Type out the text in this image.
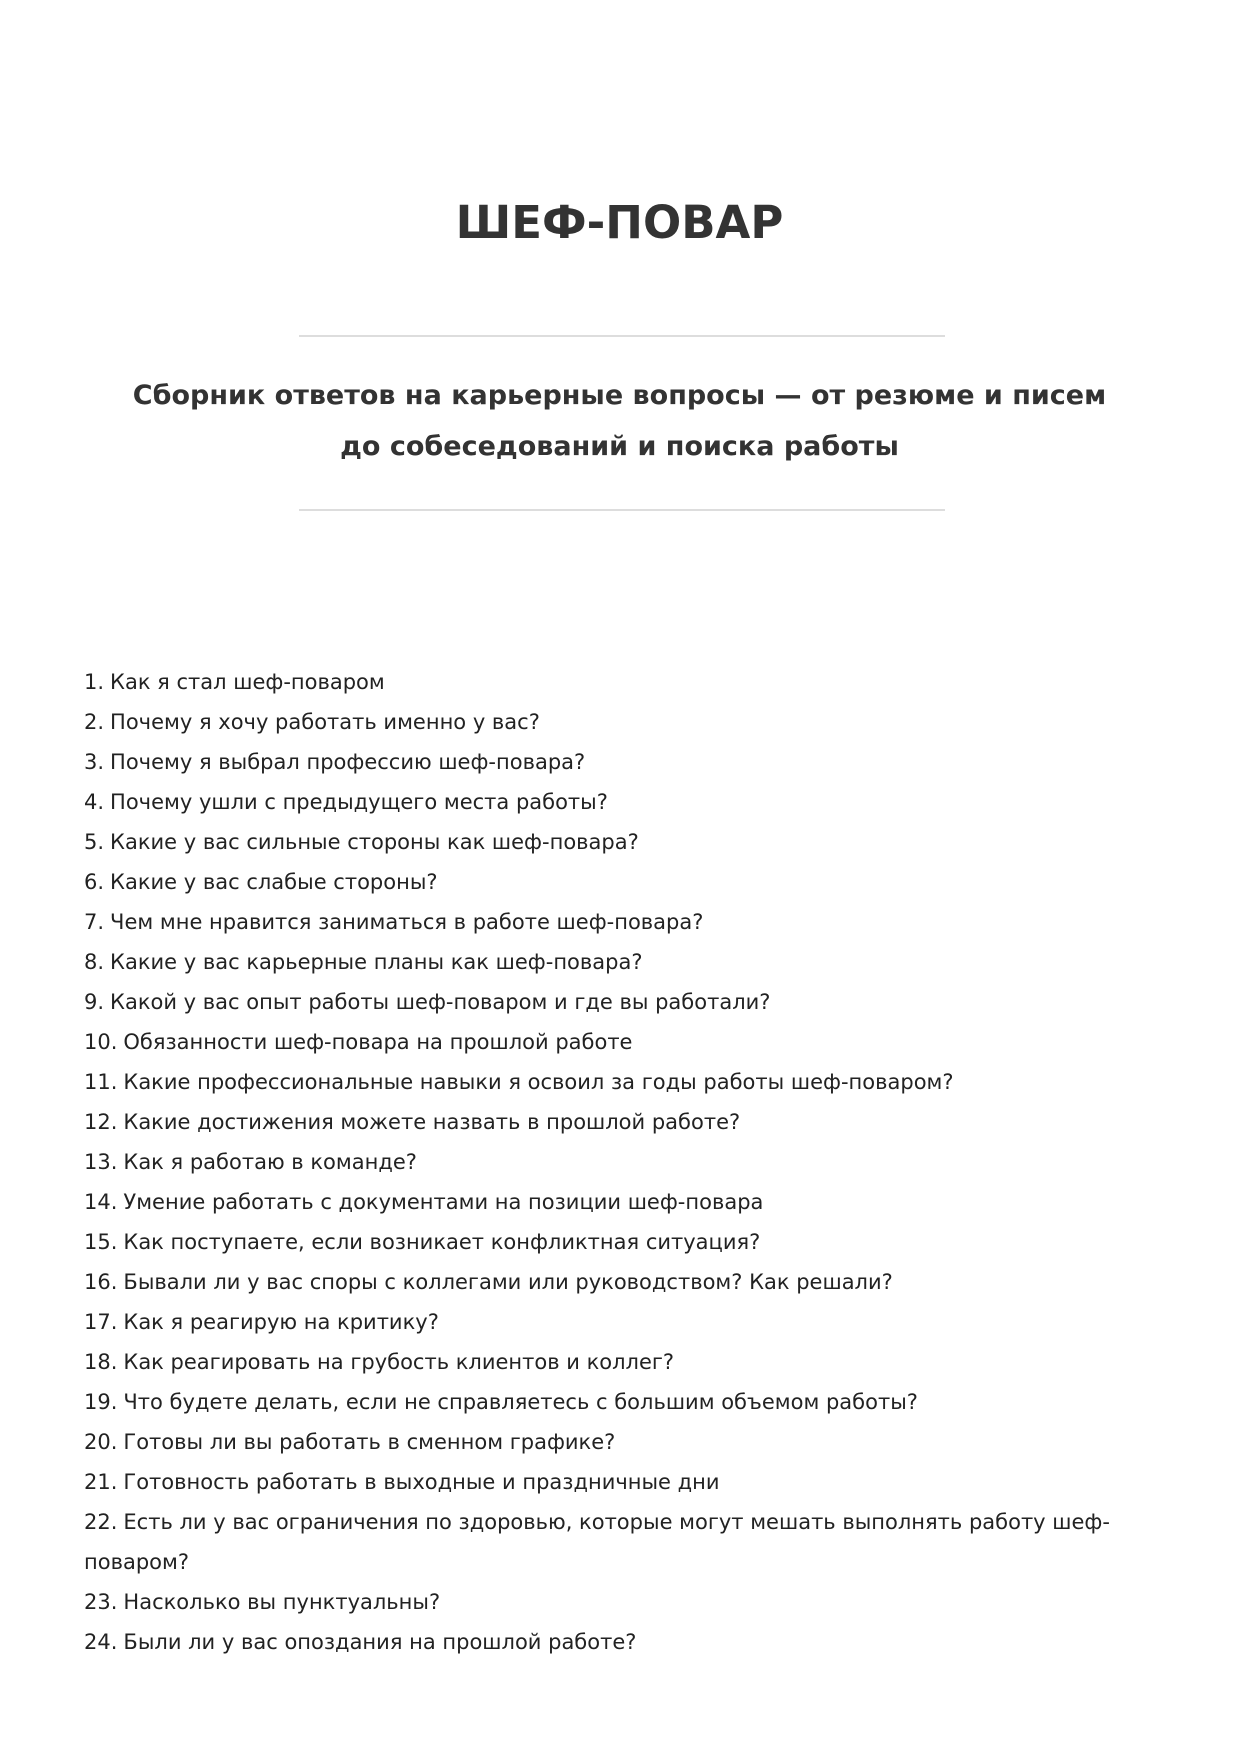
ШЕФ-ПОВАР
Сборник ответов на карьерные вопросы — от резюме и писем до собеседований и поиска работы
1. Как я стал шеф-поваром
2. Почему я хочу работать именно у вас?
3. Почему я выбрал профессию шеф-повара?
4. Почему ушли с предыдущего места работы?
5. Какие у вас сильные стороны как шеф-повара?
6. Какие у вас слабые стороны?
7. Чем мне нравится заниматься в работе шеф-повара?
8. Какие у вас карьерные планы как шеф-повара?
9. Какой у вас опыт работы шеф-поваром и где вы работали?
10. Обязанности шеф-повара на прошлой работе
11. Какие профессиональные навыки я освоил за годы работы шеф-поваром?
12. Какие достижения можете назвать в прошлой работе?
13. Как я работаю в команде?
14. Умение работать с документами на позиции шеф-повара
15. Как поступаете, если возникает конфликтная ситуация?
16. Бывали ли у вас споры с коллегами или руководством? Как решали?
17. Как я реагирую на критику?
18. Как реагировать на грубость клиентов и коллег?
19. Что будете делать, если не справляетесь с большим объемом работы?
20. Готовы ли вы работать в сменном графике?
21. Готовность работать в выходные и праздничные дни
22. Есть ли у вас ограничения по здоровью, которые могут мешать выполнять работу шеф-поваром?
23. Насколько вы пунктуальны?
24. Были ли у вас опоздания на прошлой работе?
